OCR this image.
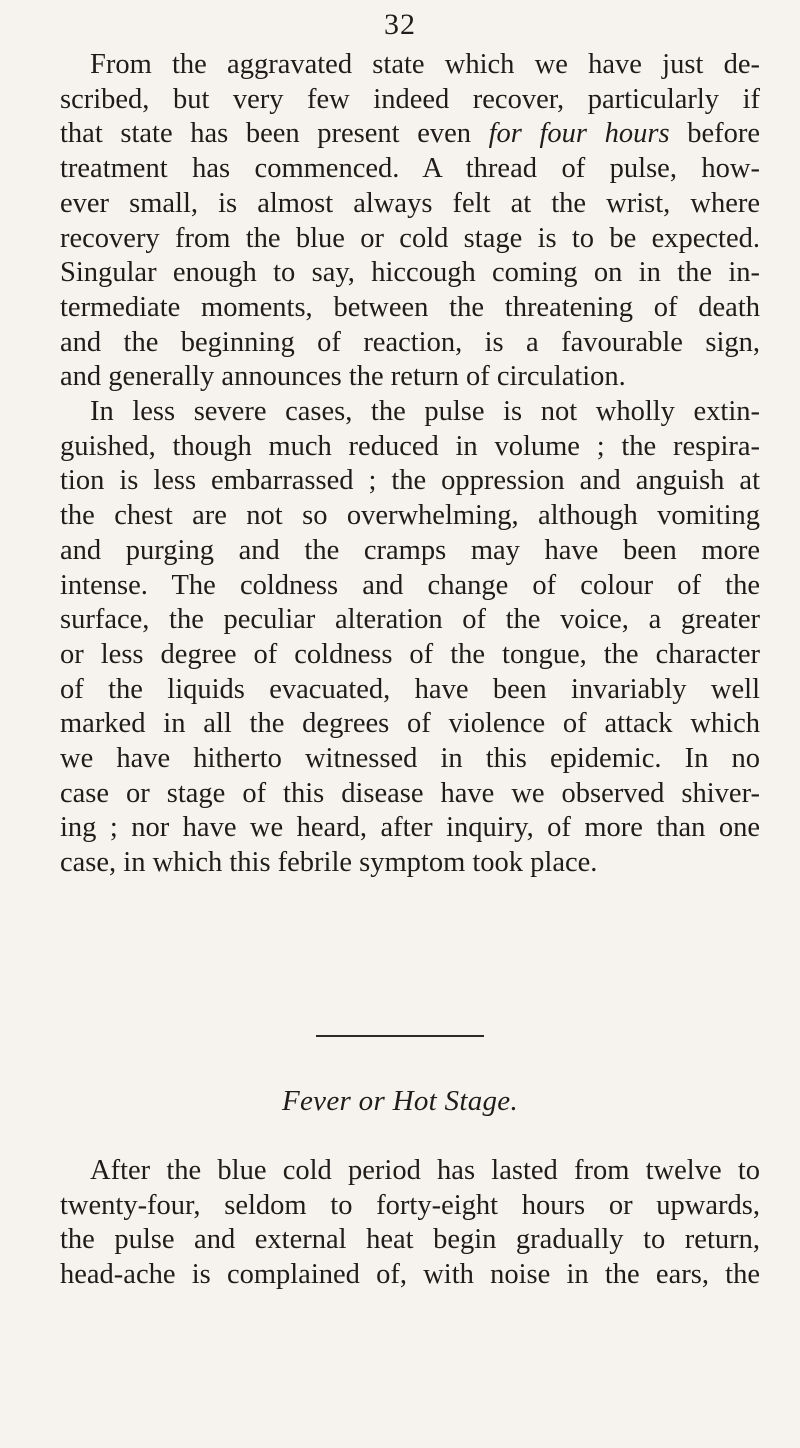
32
From the aggravated state which we have just de-
scribed, but very few indeed recover, particularly if
that state has been present even for four hours before
treatment has commenced. A thread of pulse, how-
ever small, is almost always felt at the wrist, where
recovery from the blue or cold stage is to be expected.
Singular enough to say, hiccough coming on in the in-
termediate moments, between the threatening of death
and the beginning of reaction, is a favourable sign,
and generally announces the return of circulation.
In less severe cases, the pulse is not wholly extin-
guished, though much reduced in volume ; the respira-
tion is less embarrassed ; the oppression and anguish at
the chest are not so overwhelming, although vomiting
and purging and the cramps may have been more
intense. The coldness and change of colour of the
surface, the peculiar alteration of the voice, a greater
or less degree of coldness of the tongue, the character
of the liquids evacuated, have been invariably well
marked in all the degrees of violence of attack which
we have hitherto witnessed in this epidemic. In no
case or stage of this disease have we observed shiver-
ing ; nor have we heard, after inquiry, of more than one
case, in which this febrile symptom took place.
Fever or Hot Stage.
After the blue cold period has lasted from twelve to
twenty-four, seldom to forty-eight hours or upwards,
the pulse and external heat begin gradually to return,
head-ache is complained of, with noise in the ears, the
